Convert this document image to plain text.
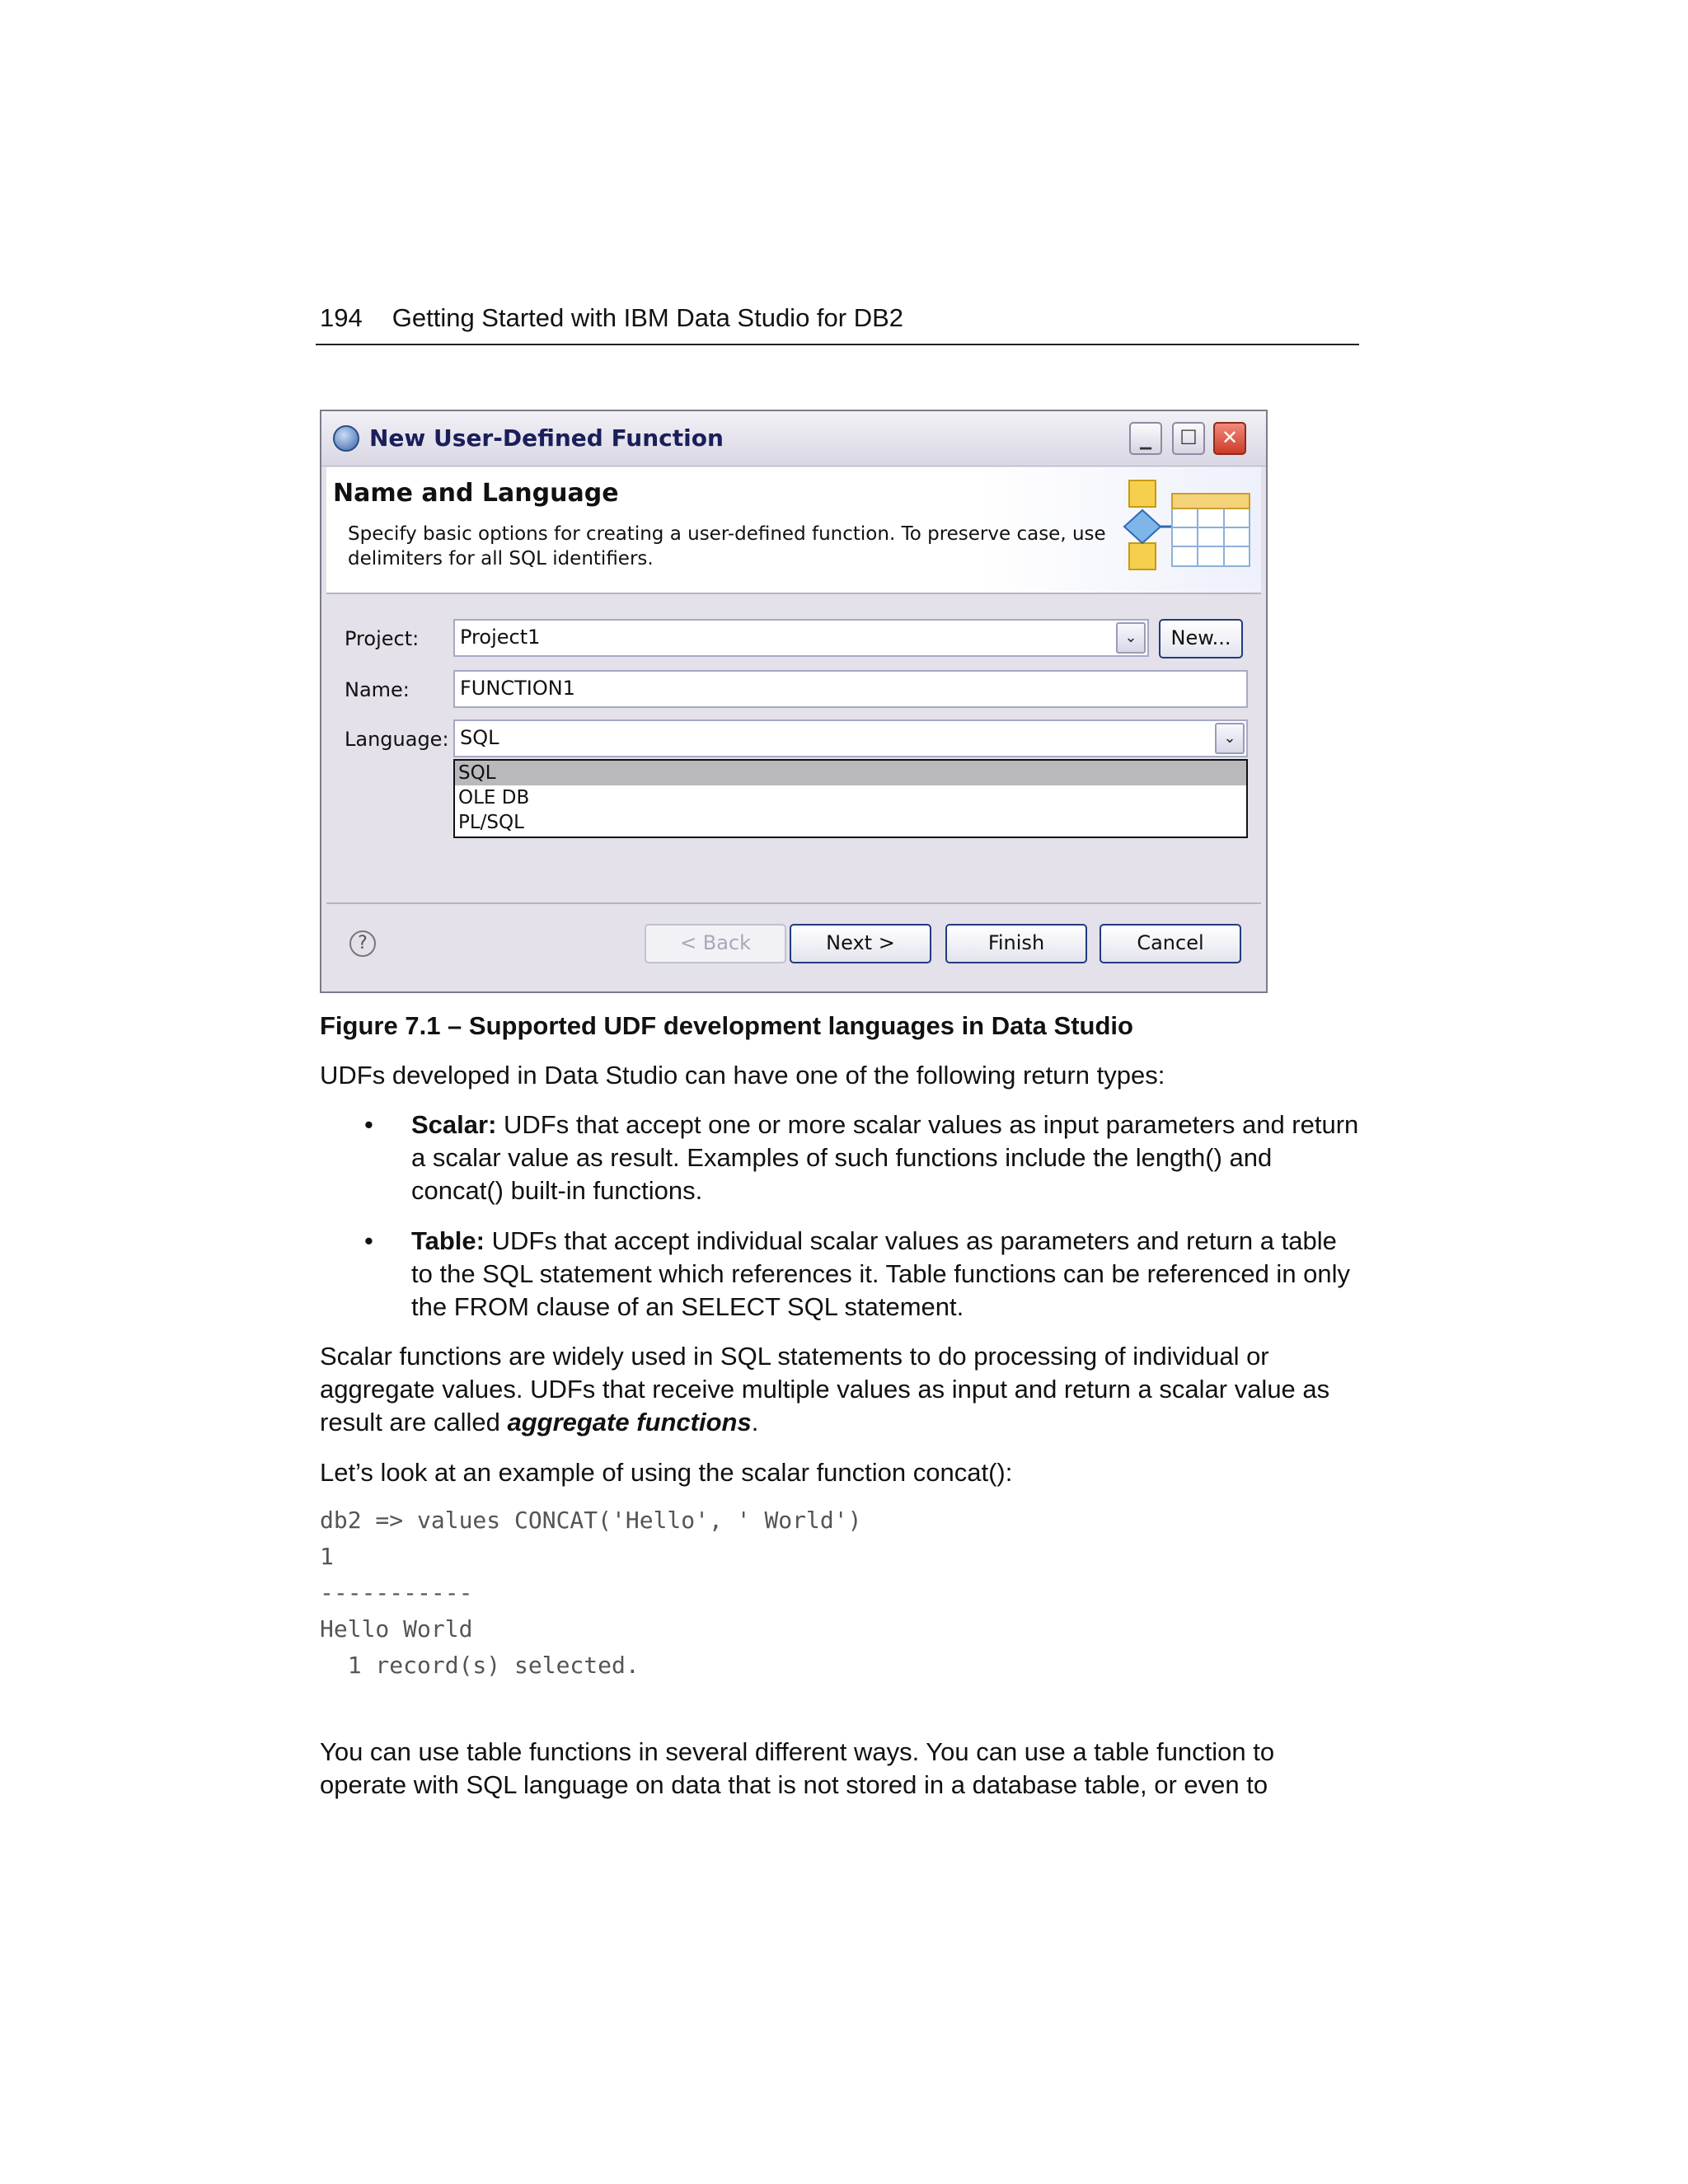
194 Getting Started with IBM Data Studio for DB2
New User-Defined Function	▁	☐	✕
Name and Language
Specify basic options for creating a user-defined function. To preserve case, use delimiters for all SQL identifiers.
Project:	Project1	⌄	New...
Name:	FUNCTION1
Language: SQL	⌄
SQL
OLE DB
PL/SQL
?	< Back	Next >	Finish	Cancel
Figure 7.1 – Supported UDF development languages in Data Studio
UDFs developed in Data Studio can have one of the following return types:
• Scalar: UDFs that accept one or more scalar values as input parameters and return a scalar value as result. Examples of such functions include the length() and concat() built-in functions.
• Table: UDFs that accept individual scalar values as parameters and return a table to the SQL statement which references it. Table functions can be referenced in only the FROM clause of an SELECT SQL statement.
Scalar functions are widely used in SQL statements to do processing of individual or aggregate values. UDFs that receive multiple values as input and return a scalar value as result are called aggregate functions.
Let’s look at an example of using the scalar function concat():
db2 => values CONCAT('Hello', ' World')
1
-----------
Hello World
1 record(s) selected.
You can use table functions in several different ways. You can use a table function to operate with SQL language on data that is not stored in a database table, or even to
